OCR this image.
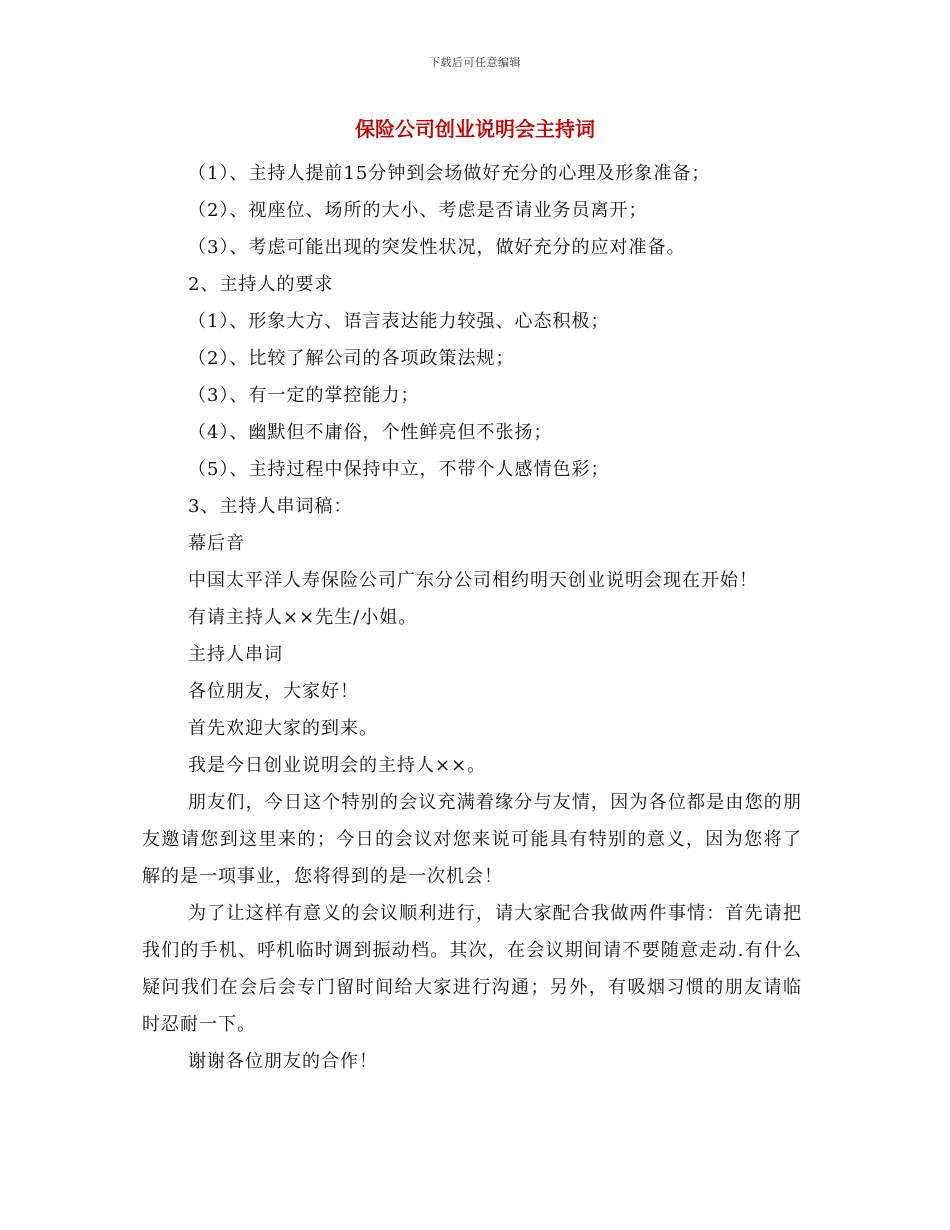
下载后可任意编辑
保险公司创业说明会主持词

（1）、主持人提前15分钟到会场做好充分的心理及形象准备；

（2）、视座位、场所的大小、考虑是否请业务员离开；

（3）、考虑可能出现的突发性状况，做好充分的应对准备。

2、主持人的要求

（1）、形象大方、语言表达能力较强、心态积极；

（2）、比较了解公司的各项政策法规；

（3）、有一定的掌控能力；

（4）、幽默但不庸俗，个性鲜亮但不张扬；

（5）、主持过程中保持中立，不带个人感情色彩；

3、主持人串词稿：

幕后音

中国太平洋人寿保险公司广东分公司相约明天创业说明会现在开始！

有请主持人××先生/小姐。

主持人串词

各位朋友，大家好！

首先欢迎大家的到来。

我是今日创业说明会的主持人××。

朋友们，今日这个特别的会议充满着缘分与友情，因为各位都是由您的朋友邀请您到这里来的；今日的会议对您来说可能具有特别的意义，因为您将了解的是一项事业，您将得到的是一次机会！

为了让这样有意义的会议顺利进行，请大家配合我做两件事情：首先请把我们的手机、呼机临时调到振动档。其次，在会议期间请不要随意走动.有什么疑问我们在会后会专门留时间给大家进行沟通；另外，有吸烟习惯的朋友请临时忍耐一下。

谢谢各位朋友的合作！
